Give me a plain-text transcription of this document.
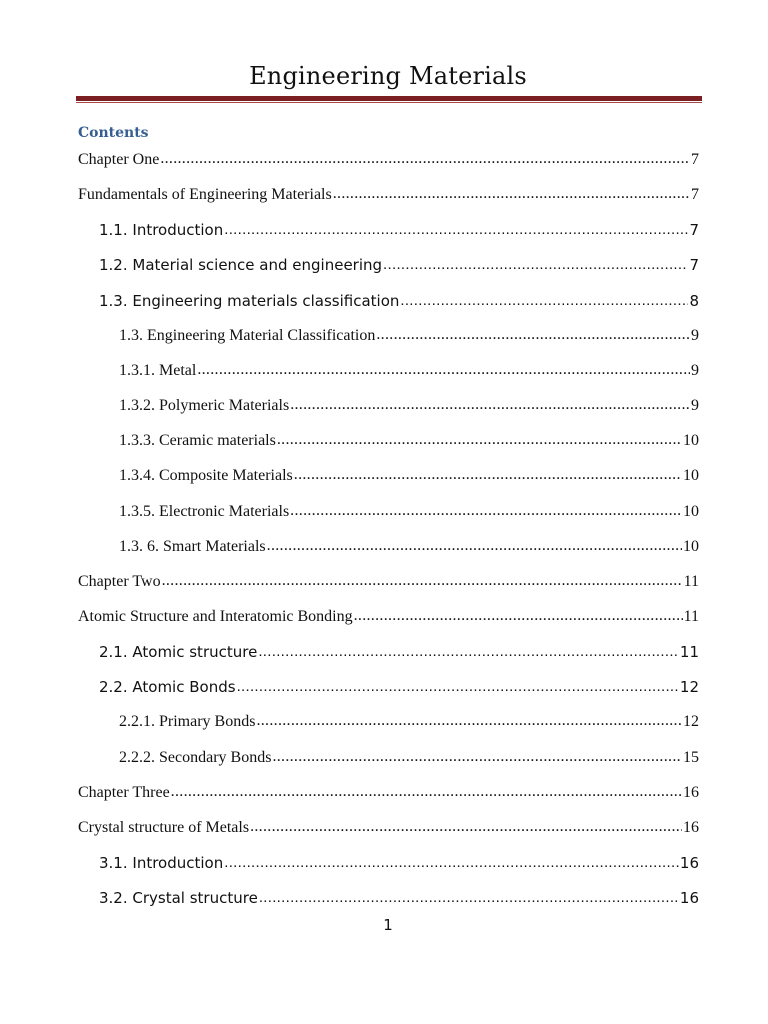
Engineering Materials
Contents
Chapter One .....	7
Fundamentals of Engineering Materials .....	7
1.1. Introduction .....	7
1.2. Material science and engineering .....	7
1.3. Engineering materials classification .....	8
1.3. Engineering Material Classification .....	9
1.3.1. Metal .....	9
1.3.2. Polymeric Materials .....	9
1.3.3. Ceramic materials .....	10
1.3.4. Composite Materials .....	10
1.3.5. Electronic Materials .....	10
1.3. 6. Smart Materials .....	10
Chapter Two .....	11
Atomic Structure and Interatomic Bonding .....	11
2.1. Atomic structure .....	11
2.2. Atomic Bonds .....	12
2.2.1. Primary Bonds .....	12
2.2.2. Secondary Bonds .....	15
Chapter Three .....	16
Crystal structure of Metals .....	16
3.1. Introduction .....	16
3.2. Crystal structure .....	16
1
